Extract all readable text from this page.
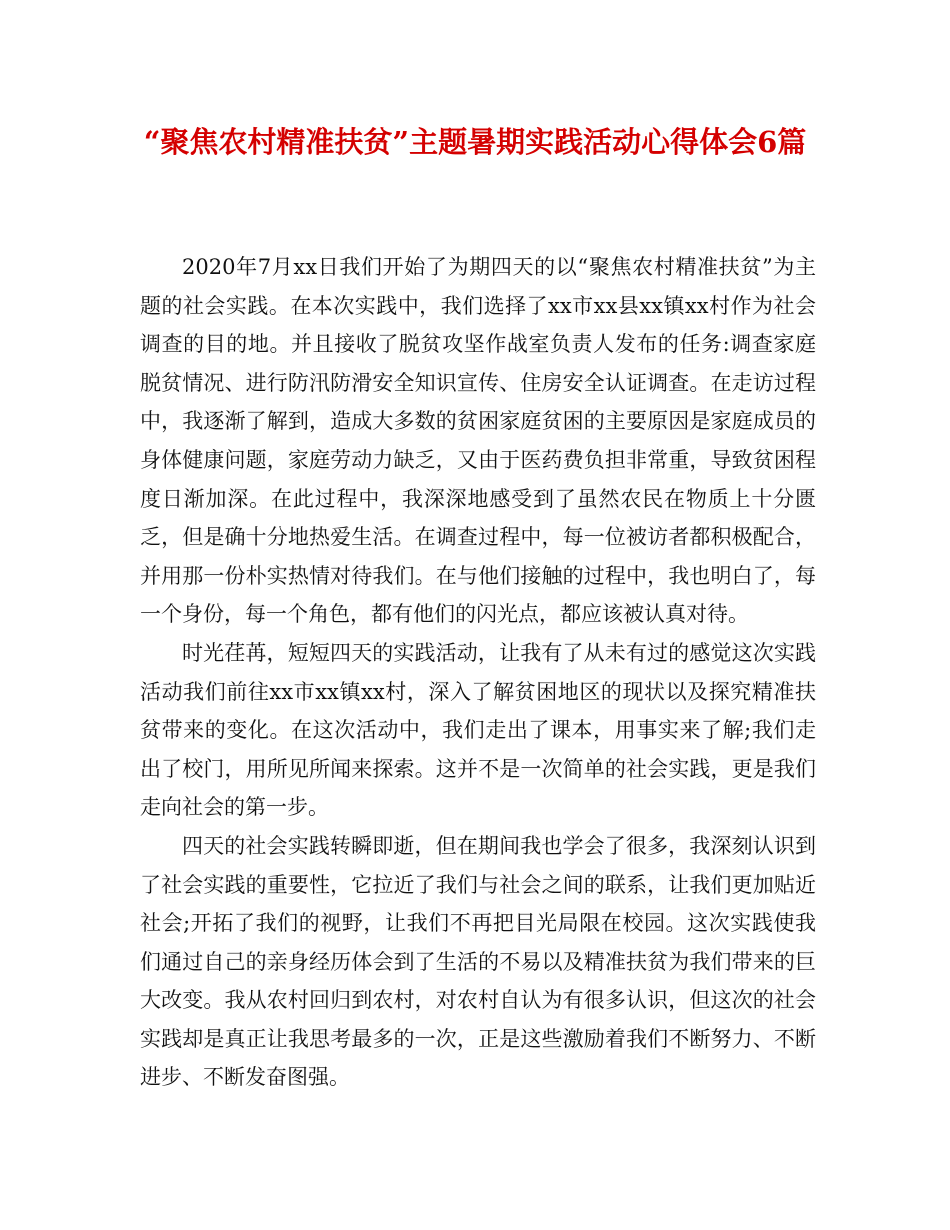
“聚焦农村精准扶贫”主题暑期实践活动心得体会6篇

2020年7月xx日我们开始了为期四天的以“聚焦农村精准扶贫”为主题的社会实践。在本次实践中，我们选择了xx市xx县xx镇xx村作为社会调查的目的地。并且接收了脱贫攻坚作战室负责人发布的任务:调查家庭脱贫情况、进行防汛防滑安全知识宣传、住房安全认证调查。在走访过程中，我逐渐了解到，造成大多数的贫困家庭贫困的主要原因是家庭成员的身体健康问题，家庭劳动力缺乏，又由于医药费负担非常重，导致贫困程度日渐加深。在此过程中，我深深地感受到了虽然农民在物质上十分匮乏，但是确十分地热爱生活。在调查过程中，每一位被访者都积极配合，并用那一份朴实热情对待我们。在与他们接触的过程中，我也明白了，每一个身份，每一个角色，都有他们的闪光点，都应该被认真对待。

时光荏苒，短短四天的实践活动，让我有了从未有过的感觉这次实践活动我们前往xx市xx镇xx村，深入了解贫困地区的现状以及探究精准扶贫带来的变化。在这次活动中，我们走出了课本，用事实来了解;我们走出了校门，用所见所闻来探索。这并不是一次简单的社会实践，更是我们走向社会的第一步。

四天的社会实践转瞬即逝，但在期间我也学会了很多，我深刻认识到了社会实践的重要性，它拉近了我们与社会之间的联系，让我们更加贴近社会;开拓了我们的视野，让我们不再把目光局限在校园。这次实践使我们通过自己的亲身经历体会到了生活的不易以及精准扶贫为我们带来的巨大改变。我从农村回归到农村，对农村自认为有很多认识，但这次的社会实践却是真正让我思考最多的一次，正是这些激励着我们不断努力、不断进步、不断发奋图强。
